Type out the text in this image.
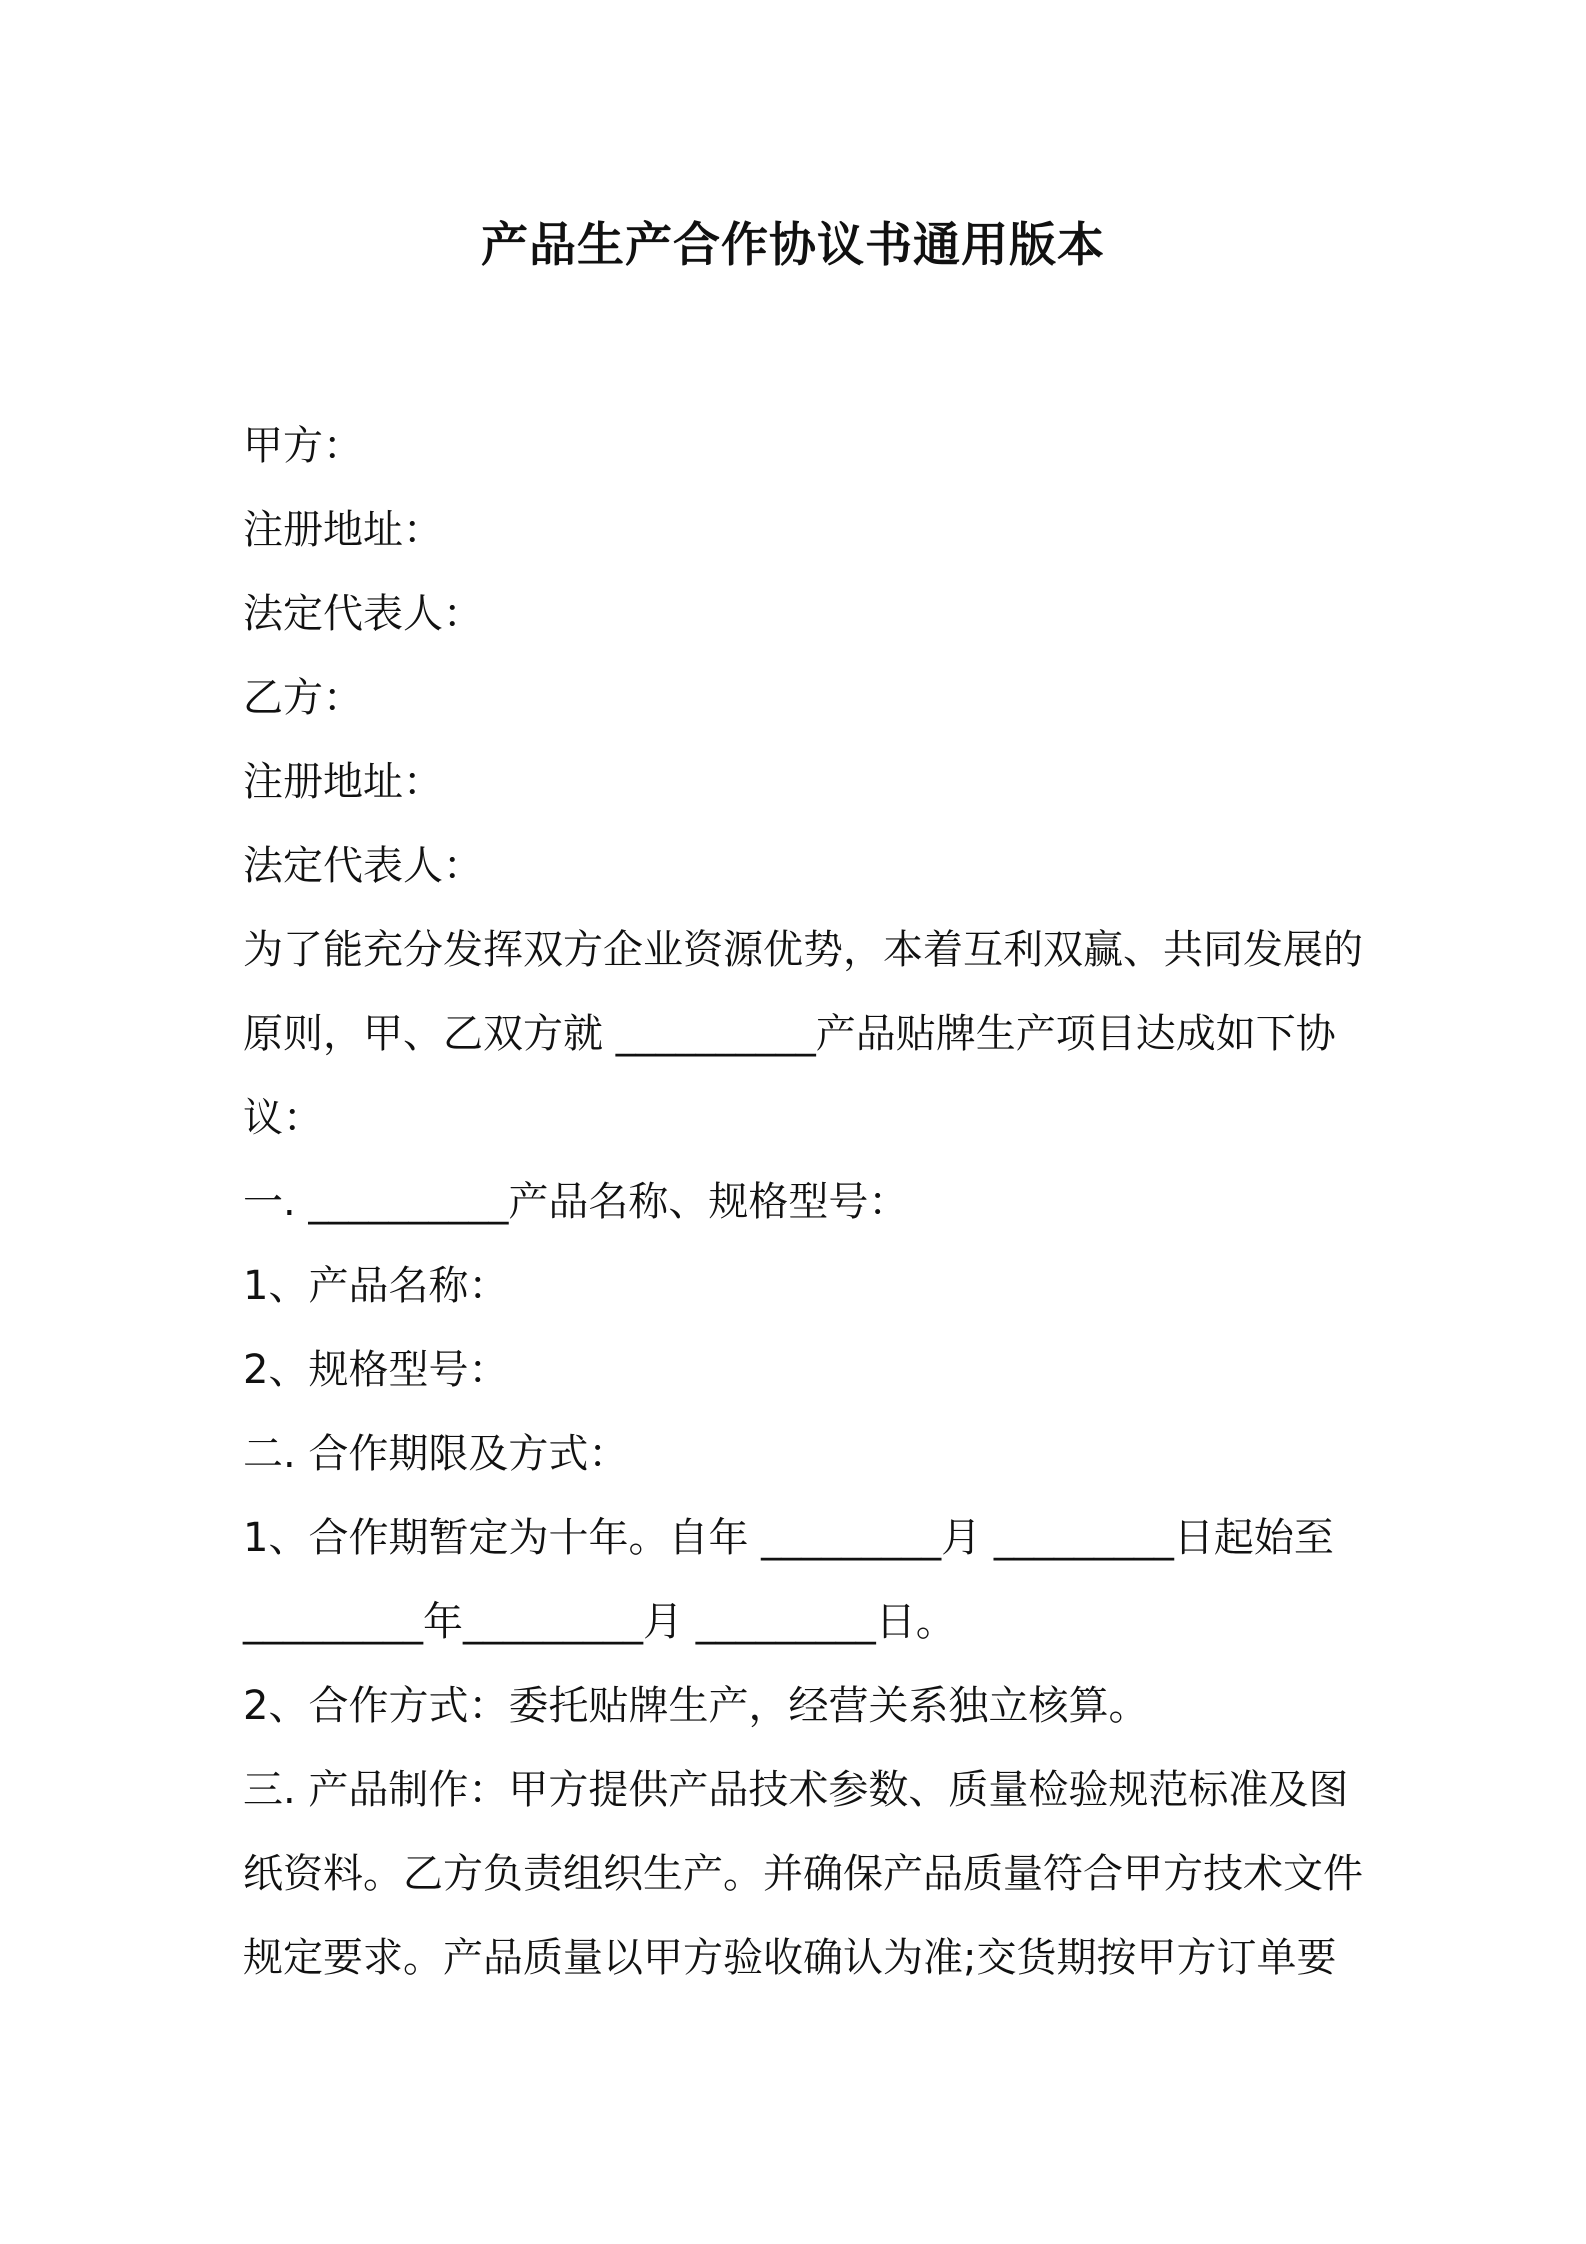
产品生产合作协议书通用版本
甲方：
注册地址：
法定代表人：
乙方：
注册地址：
法定代表人：
为了能充分发挥双方企业资源优势，本着互利双赢、共同发展的
原则，甲、乙双方就 __________产品贴牌生产项目达成如下协
议：
一. __________产品名称、规格型号：
1、产品名称：
2、规格型号：
二. 合作期限及方式：
1、合作期暂定为十年。自年 _________月 _________日起始至
_________年_________月 _________日。
2、合作方式：委托贴牌生产，经营关系独立核算。
三. 产品制作：甲方提供产品技术参数、质量检验规范标准及图
纸资料。乙方负责组织生产。并确保产品质量符合甲方技术文件
规定要求。产品质量以甲方验收确认为准;交货期按甲方订单要
